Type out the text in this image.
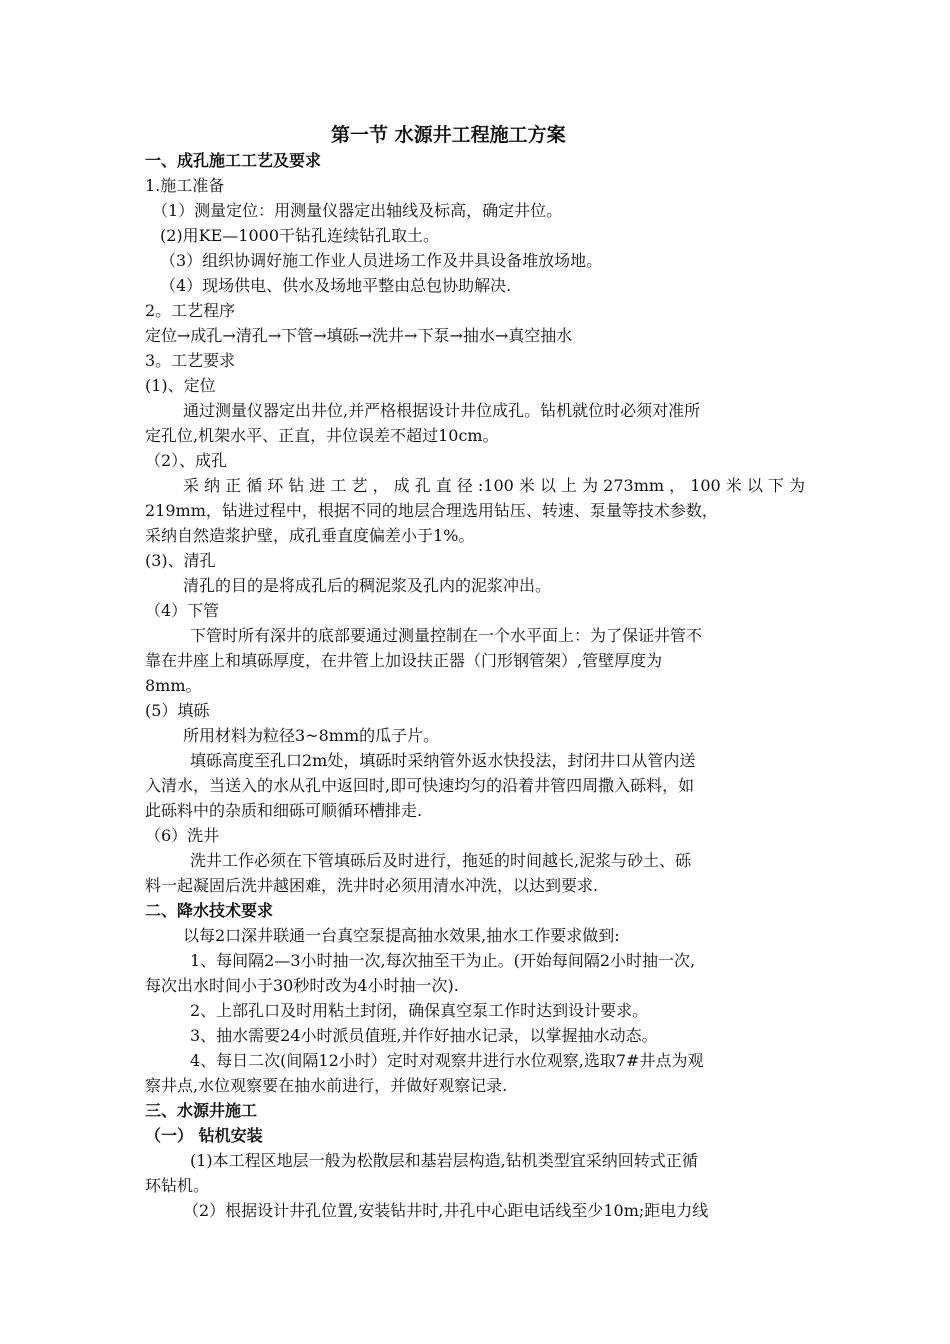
第一节 水源井工程施工方案
一、成孔施工工艺及要求
1.施工准备
（1）测量定位：用测量仪器定出轴线及标高，确定井位。
(2)用KE—1000干钻孔连续钻孔取土。
（3）组织协调好施工作业人员进场工作及井具设备堆放场地。
（4）现场供电、供水及场地平整由总包协助解决.
2。工艺程序
定位→成孔→清孔→下管→填砾→洗井→下泵→抽水→真空抽水
3。工艺要求
(1)、定位
通过测量仪器定出井位,并严格根据设计井位成孔。钻机就位时必须对准所
定孔位,机架水平、正直，井位误差不超过10cm。
（2）、成孔
采纳正循环钻进工艺，成孔直径:100米以上为273mm，100米以下为
219mm，钻进过程中，根据不同的地层合理选用钻压、转速、泵量等技术参数，
采纳自然造浆护壁，成孔垂直度偏差小于1%。
(3)、清孔
清孔的目的是将成孔后的稠泥浆及孔内的泥浆冲出。
（4）下管
下管时所有深井的底部要通过测量控制在一个水平面上：为了保证井管不
靠在井座上和填砾厚度，在井管上加设扶正器（门形钢管架）,管壁厚度为
8mm。
(5）填砾
所用材料为粒径3~8mm的瓜子片。
填砾高度至孔口2m处，填砾时采纳管外返水快投法，封闭井口从管内送
入清水，当送入的水从孔中返回时,即可快速均匀的沿着井管四周撒入砾料，如
此砾料中的杂质和细砾可顺循环槽排走.
（6）洗井
洗井工作必须在下管填砾后及时进行，拖延的时间越长,泥浆与砂土、砾
料一起凝固后洗井越困难，洗井时必须用清水冲洗，以达到要求.
二、降水技术要求
以每2口深井联通一台真空泵提高抽水效果,抽水工作要求做到:
1、每间隔2—3小时抽一次,每次抽至干为止。(开始每间隔2小时抽一次,
每次出水时间小于30秒时改为4小时抽一次).
2、上部孔口及时用粘土封闭，确保真空泵工作时达到设计要求。
3、抽水需要24小时派员值班,并作好抽水记录，以掌握抽水动态。
4、每日二次(间隔12小时）定时对观察井进行水位观察,选取7#井点为观
察井点,水位观察要在抽水前进行，并做好观察记录.
三、水源井施工
（一） 钻机安装
(1)本工程区地层一般为松散层和基岩层构造,钻机类型宜采纳回转式正循
环钻机。
（2）根据设计井孔位置,安装钻井时,井孔中心距电话线至少10m;距电力线
